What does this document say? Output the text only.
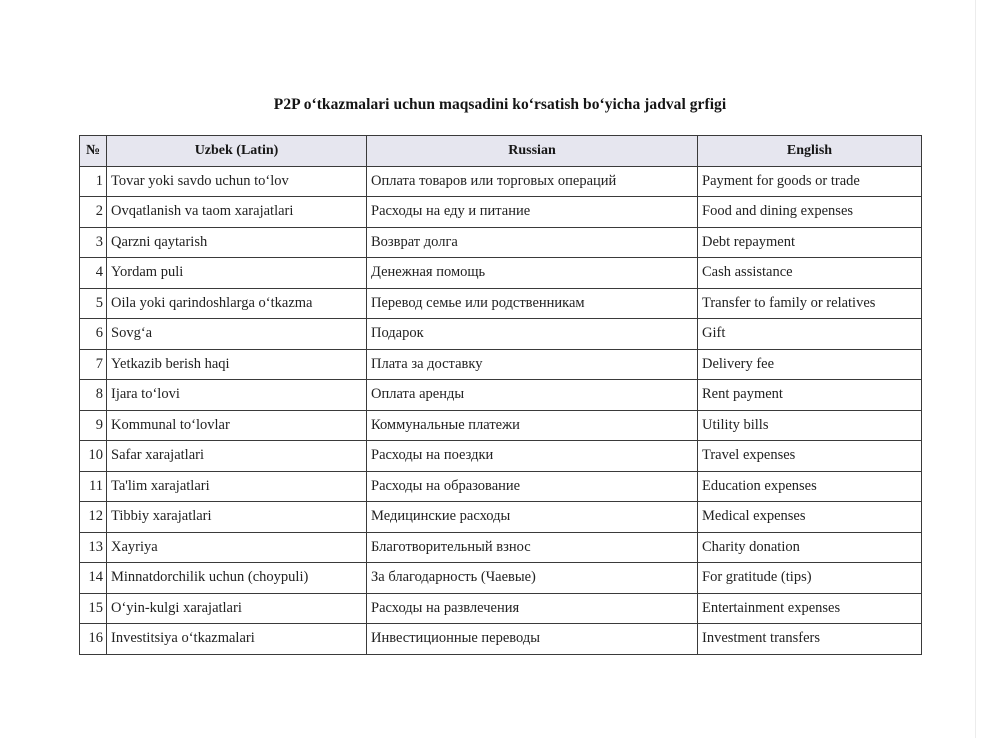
P2P o‘tkazmalari uchun maqsadini ko‘rsatish bo‘yicha jadval grfigi
№	Uzbek (Latin)	Russian	English
1	Tovar yoki savdo uchun to‘lov	Оплата товаров или торговых операций	Payment for goods or trade
2	Ovqatlanish va taom xarajatlari	Расходы на еду и питание	Food and dining expenses
3	Qarzni qaytarish	Возврат долга	Debt repayment
4	Yordam puli	Денежная помощь	Cash assistance
5	Oila yoki qarindoshlarga o‘tkazma	Перевод семье или родственникам	Transfer to family or relatives
6	Sovg‘a	Подарок	Gift
7	Yetkazib berish haqi	Плата за доставку	Delivery fee
8	Ijara to‘lovi	Оплата аренды	Rent payment
9	Kommunal to‘lovlar	Коммунальные платежи	Utility bills
10	Safar xarajatlari	Расходы на поездки	Travel expenses
11	Ta'lim xarajatlari	Расходы на образование	Education expenses
12	Tibbiy xarajatlari	Медицинские расходы	Medical expenses
13	Xayriya	Благотворительный взнос	Charity donation
14	Minnatdorchilik uchun (choypuli)	За благодарность (Чаевые)	For gratitude (tips)
15	O‘yin-kulgi xarajatlari	Расходы на развлечения	Entertainment expenses
16	Investitsiya o‘tkazmalari	Инвестиционные переводы	Investment transfers
